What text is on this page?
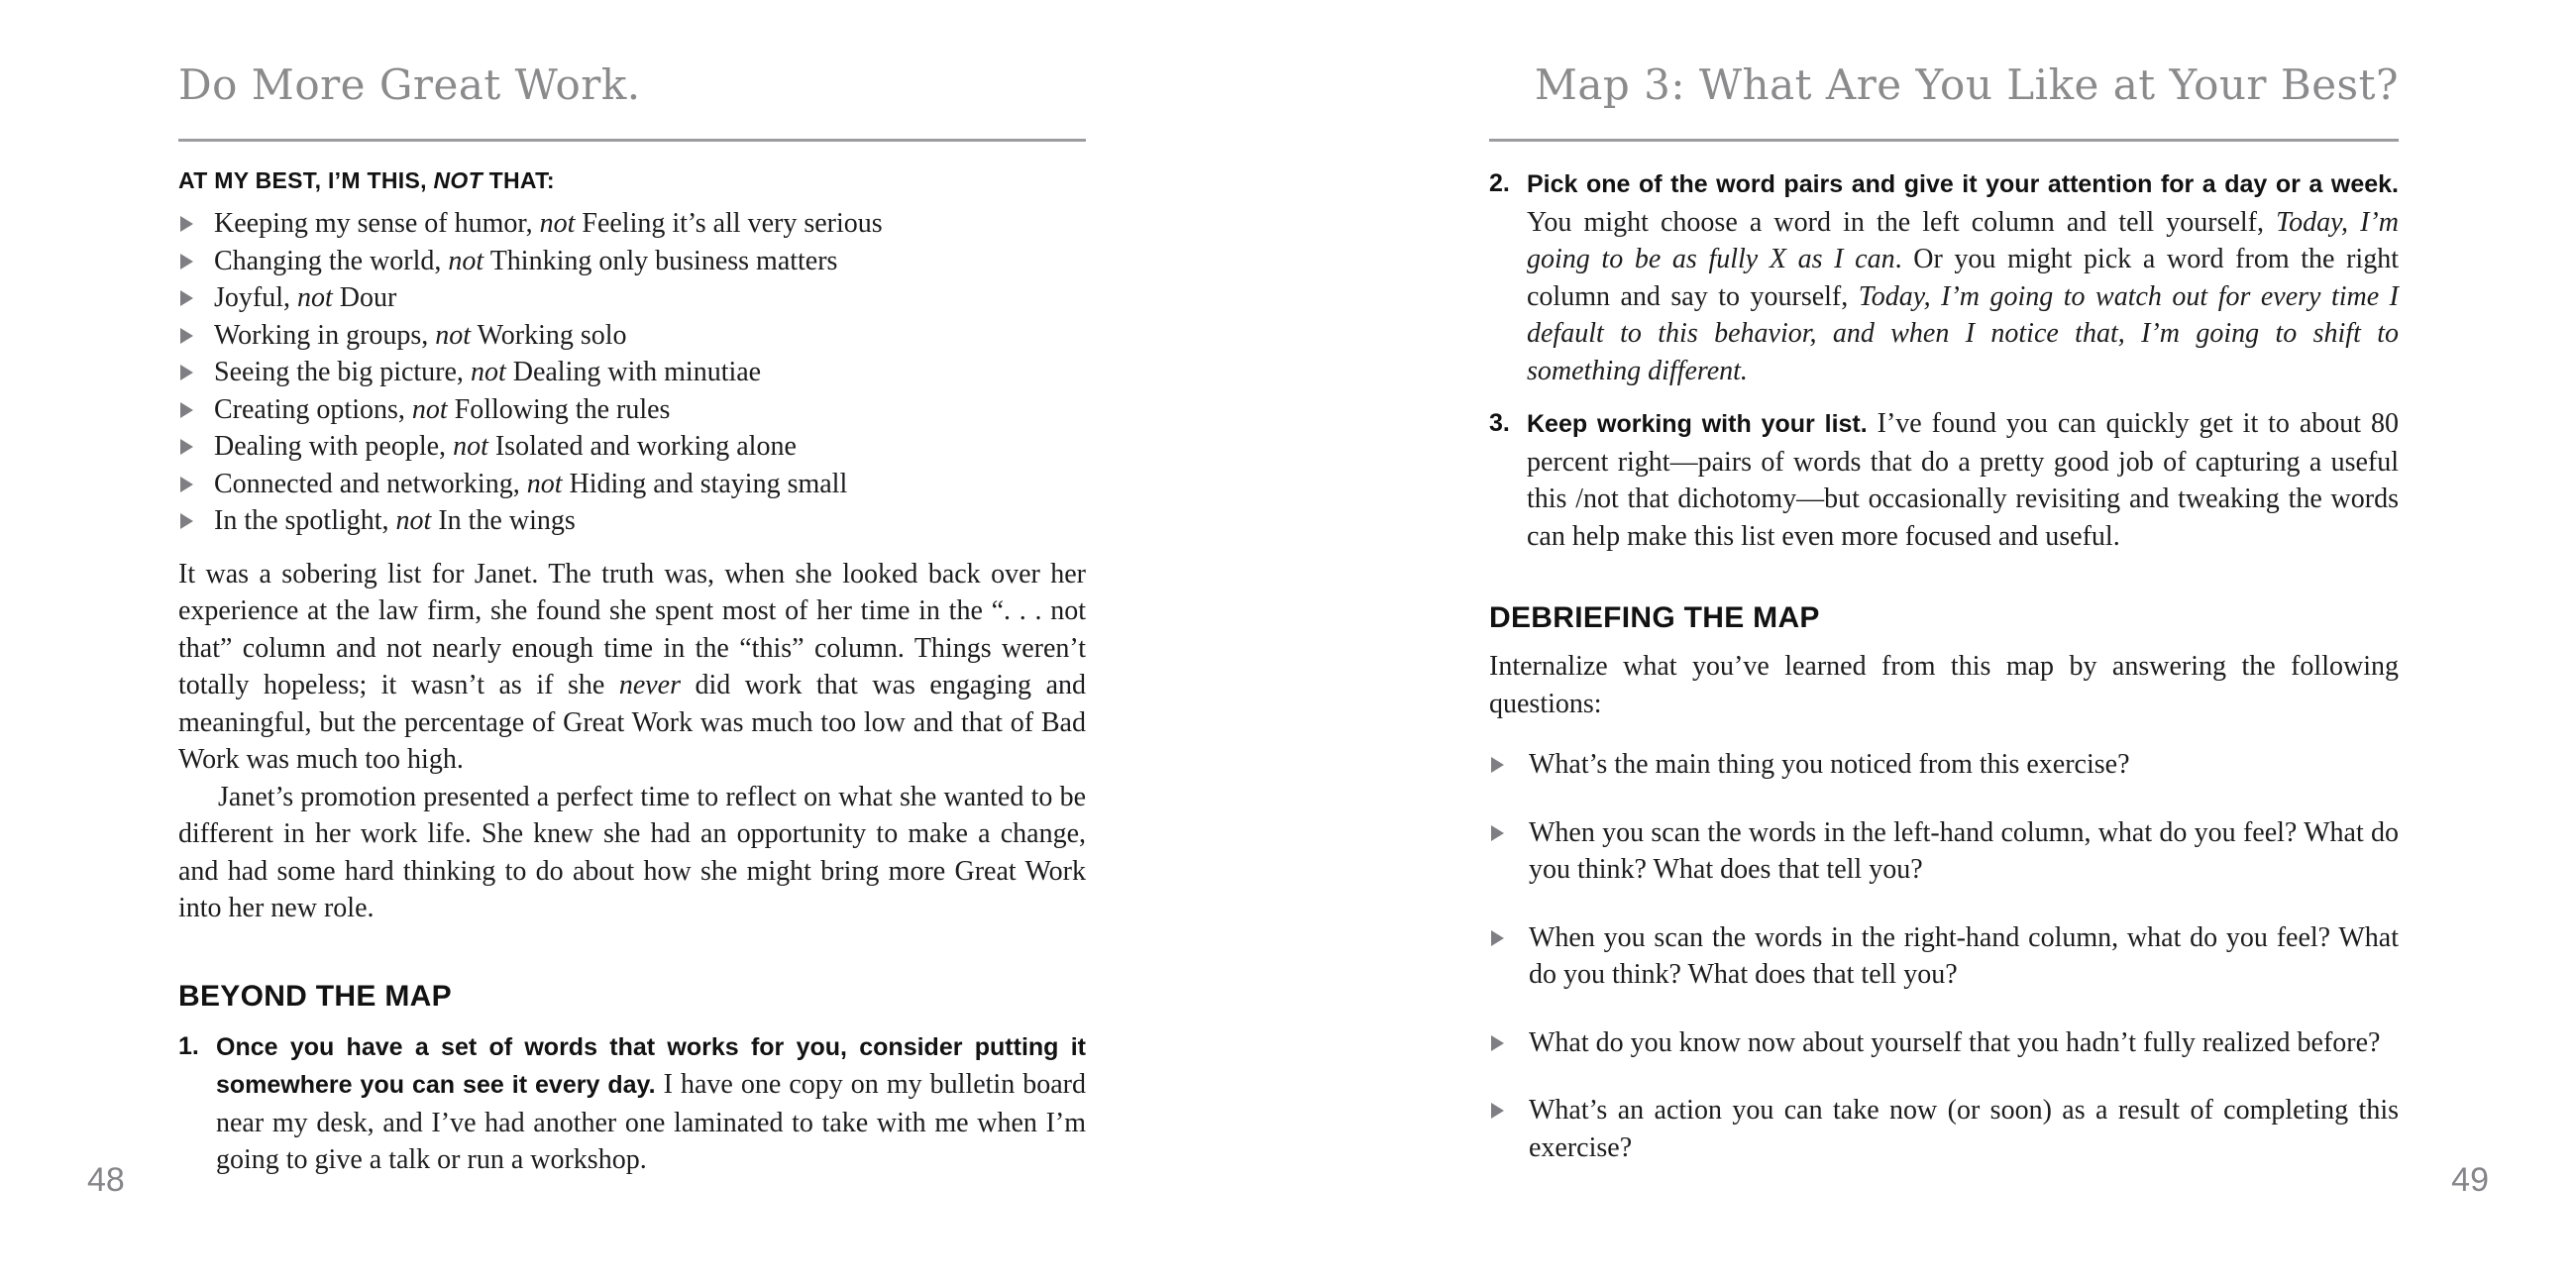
Do More Great Work.
AT MY BEST, I’M THIS, NOT THAT:
Keeping my sense of humor, not Feeling it’s all very serious
Changing the world, not Thinking only business matters
Joyful, not Dour
Working in groups, not Working solo
Seeing the big picture, not Dealing with minutiae
Creating options, not Following the rules
Dealing with people, not Isolated and working alone
Connected and networking, not Hiding and staying small
In the spotlight, not In the wings

It was a sobering list for Janet. The truth was, when she looked back over her experience at the law firm, she found she spent most of her time in the “. . . not that” column and not nearly enough time in the “this” column. Things weren’t totally hopeless; it wasn’t as if she never did work that was engaging and meaningful, but the percentage of Great Work was much too low and that of Bad Work was much too high.

Janet’s promotion presented a perfect time to reflect on what she wanted to be different in her work life. She knew she had an opportunity to make a change, and had some hard thinking to do about how she might bring more Great Work into her new role.

BEYOND THE MAP
1. Once you have a set of words that works for you, consider putting it somewhere you can see it every day. I have one copy on my bulletin board near my desk, and I’ve had another one laminated to take with me when I’m going to give a talk or run a workshop.
Map 3: What Are You Like at Your Best?
2. Pick one of the word pairs and give it your attention for a day or a week. You might choose a word in the left column and tell yourself, Today, I’m going to be as fully X as I can. Or you might pick a word from the right column and say to yourself, Today, I’m going to watch out for every time I default to this behavior, and when I notice that, I’m going to shift to something different.
3. Keep working with your list. I’ve found you can quickly get it to about 80 percent right—pairs of words that do a pretty good job of capturing a useful this /not that dichotomy—but occasionally revisiting and tweaking the words can help make this list even more focused and useful.
DEBRIEFING THE MAP

Internalize what you’ve learned from this map by answering the following questions:

What’s the main thing you noticed from this exercise?
When you scan the words in the left-hand column, what do you feel? What do you think? What does that tell you?
When you scan the words in the right-hand column, what do you feel? What do you think? What does that tell you?
What do you know now about yourself that you hadn’t fully realized before?
What’s an action you can take now (or soon) as a result of completing this exercise?
48	49
